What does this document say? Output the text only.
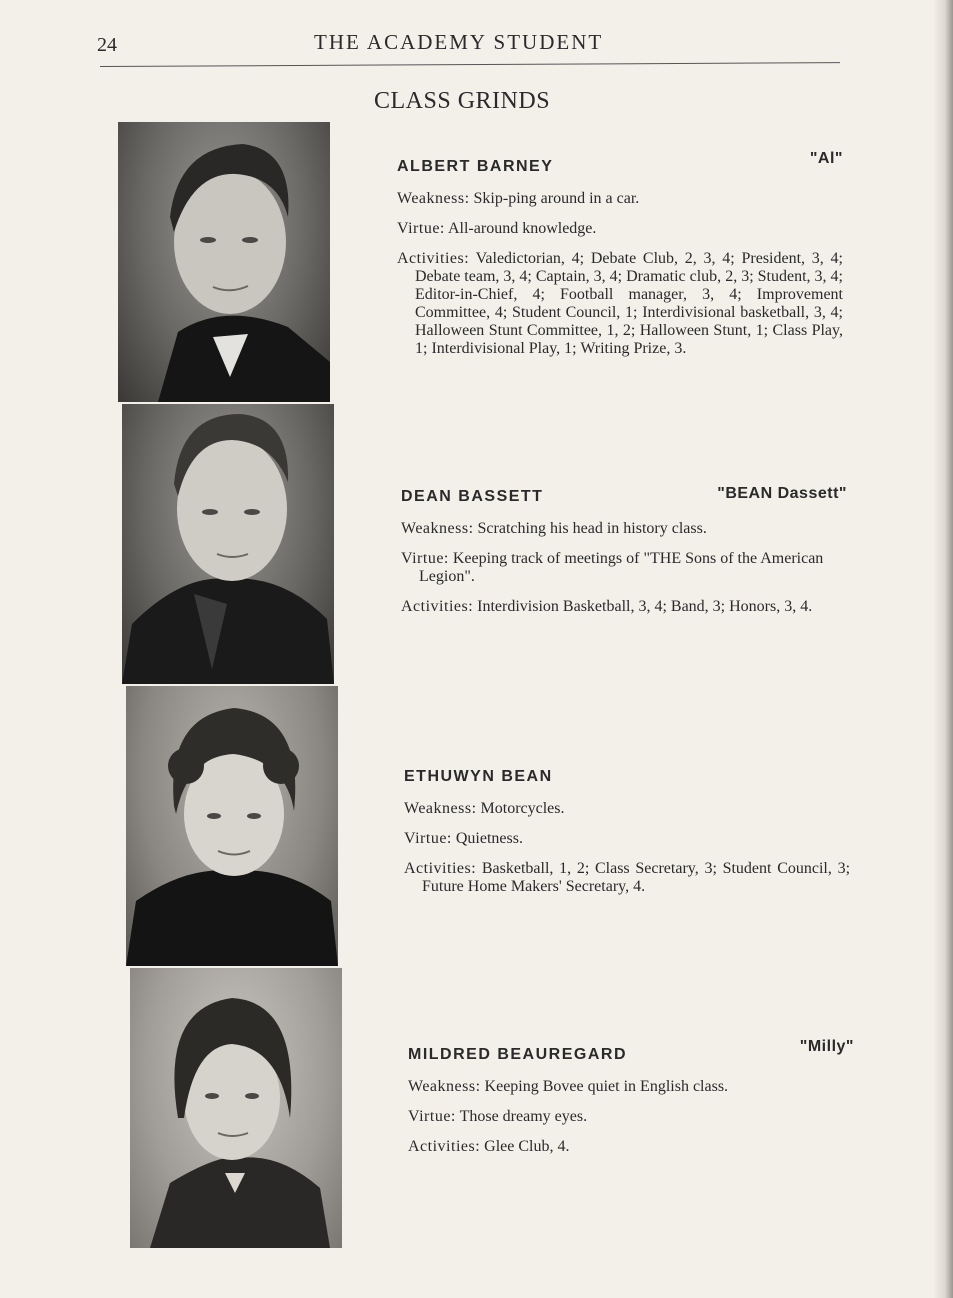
24	THE ACADEMY STUDENT
CLASS GRINDS
ALBERT BARNEY	"Al"
Weakness: Skip-ping around in a car.
Virtue: All-around knowledge.
Activities: Valedictorian, 4; Debate Club, 2, 3, 4; President, 3, 4; Debate team, 3, 4; Captain, 3, 4; Dramatic club, 2, 3; Student, 3, 4; Editor-in-Chief, 4; Football manager, 3, 4; Improvement Committee, 4; Student Council, 1; Interdivisional basketball, 3, 4; Halloween Stunt Committee, 1, 2; Halloween Stunt, 1; Class Play, 1; Interdivisional Play, 1; Writing Prize, 3.
DEAN BASSETT	"BEAN Dassett"
Weakness: Scratching his head in history class.
Virtue: Keeping track of meetings of "THE Sons of the American Legion".
Activities: Interdivision Basketball, 3, 4; Band, 3; Honors, 3, 4.
ETHUWYN BEAN
Weakness: Motorcycles.
Virtue: Quietness.
Activities: Basketball, 1, 2; Class Secretary, 3; Student Council, 3; Future Home Makers' Secretary, 4.
MILDRED BEAUREGARD	"Milly"
Weakness: Keeping Bovee quiet in English class.
Virtue: Those dreamy eyes.
Activities: Glee Club, 4.
